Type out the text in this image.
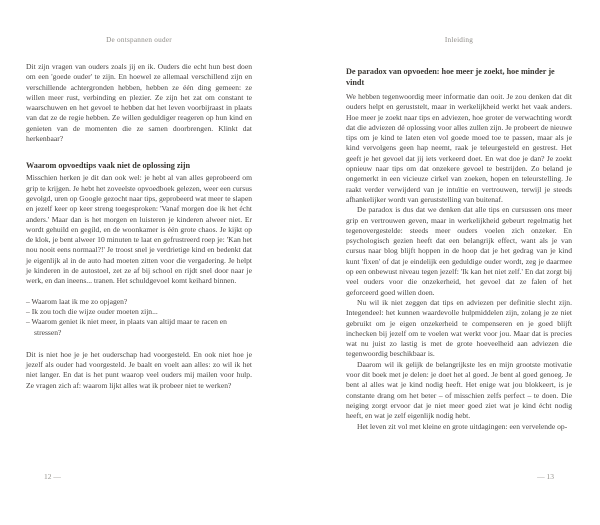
De ontspannen ouder

Dit zijn vragen van ouders zoals jij en ik. Ouders die echt hun best doen om een 'goede ouder' te zijn. En hoewel ze allemaal verschillend zijn en verschillende achtergronden hebben, hebben ze één ding gemeen: ze willen meer rust, verbinding en plezier. Ze zijn het zat om constant te waarschuwen en het gevoel te hebben dat het leven voorbijraast in plaats van dat ze de regie hebben. Ze willen geduldiger reageren op hun kind en genieten van de momenten die ze samen doorbrengen. Klinkt dat herkenbaar?

Waarom opvoedtips vaak niet de oplossing zijn

Misschien herken je dit dan ook wel: je hebt al van alles geprobeerd om grip te krijgen. Je hebt het zoveelste opvoedboek gelezen, weer een cursus gevolgd, uren op Google gezocht naar tips, geprobeerd wat meer te slapen en jezelf keer op keer streng toegesproken: 'Vanaf morgen doe ik het écht anders.' Maar dan is het morgen en luisteren je kinderen alweer niet. Er wordt gehuild en gegild, en de woonkamer is één grote chaos. Je kijkt op de klok, je bent alweer 10 minuten te laat en gefrustreerd roep je: 'Kan het nou nooit eens normaal?!' Je troost snel je verdrietige kind en bedenkt dat je eigenlijk al in de auto had moeten zitten voor die vergadering. Je helpt je kinderen in de autostoel, zet ze af bij school en rijdt snel door naar je werk, en dan ineens... tranen. Het schuldgevoel komt keihard binnen.

– Waarom laat ik me zo opjagen?
– Ik zou toch die wijze ouder moeten zijn...
– Waarom geniet ik niet meer, in plaats van altijd maar te racen en stressen?

Dit is niet hoe je je het ouderschap had voorgesteld. En ook niet hoe je jezelf als ouder had voorgesteld. Je baalt en voelt aan alles: zo wil ik het niet langer. En dat is het punt waarop veel ouders mij mailen voor hulp. Ze vragen zich af: waarom lijkt alles wat ik probeer niet te werken?

12 —
Inleiding
De paradox van opvoeden: hoe meer je zoekt, hoe minder je vindt

We hebben tegenwoordig meer informatie dan ooit. Je zou denken dat dit ouders helpt en geruststelt, maar in werkelijkheid werkt het vaak anders. Hoe meer je zoekt naar tips en adviezen, hoe groter de verwachting wordt dat die adviezen dé oplossing voor alles zullen zijn. Je probeert de nieuwe tips om je kind te laten eten vol goede moed toe te passen, maar als je kind vervolgens geen hap neemt, raak je teleurgesteld en gestrest. Het geeft je het gevoel dat jij iets verkeerd doet. En wat doe je dan? Je zoekt opnieuw naar tips om dat onzekere gevoel te bestrijden. Zo beland je ongemerkt in een vicieuze cirkel van zoeken, hopen en teleurstelling. Je raakt verder verwijderd van je intuïtie en vertrouwen, terwijl je steeds afhankelijker wordt van geruststelling van buitenaf.

De paradox is dus dat we denken dat alle tips en cursussen ons meer grip en vertrouwen geven, maar in werkelijkheid gebeurt regelmatig het tegenovergestelde: steeds meer ouders voelen zich onzeker. En psychologisch gezien heeft dat een belangrijk effect, want als je van cursus naar blog blijft hoppen in de hoop dat je het gedrag van je kind kunt 'fixen' of dat je eindelijk een geduldige ouder wordt, zeg je daarmee op een onbewust niveau tegen jezelf: 'Ik kan het niet zelf.' En dat zorgt bij veel ouders voor die onzekerheid, het gevoel dat ze falen of het geforceerd goed willen doen.

Nu wil ik niet zeggen dat tips en adviezen per definitie slecht zijn. Integendeel: het kunnen waardevolle hulpmiddelen zijn, zolang je ze niet gebruikt om je eigen onzekerheid te compenseren en je goed blijft inchecken bij jezelf om te voelen wat werkt voor jou. Maar dat is precies wat nu juist zo lastig is met de grote hoeveelheid aan adviezen die tegenwoordig beschikbaar is.

Daarom wil ik gelijk de belangrijkste les en mijn grootste motivatie voor dit boek met je delen: je doet het al goed. Je bent al goed genoeg. Je bent al alles wat je kind nodig heeft. Het enige wat jou blokkeert, is je constante drang om het beter – of misschien zelfs perfect – te doen. Die neiging zorgt ervoor dat je niet meer goed ziet wat je kind écht nodig heeft, en wat je zelf eigenlijk nodig hebt.

Het leven zit vol met kleine en grote uitdagingen: een vervelende op-

— 13
